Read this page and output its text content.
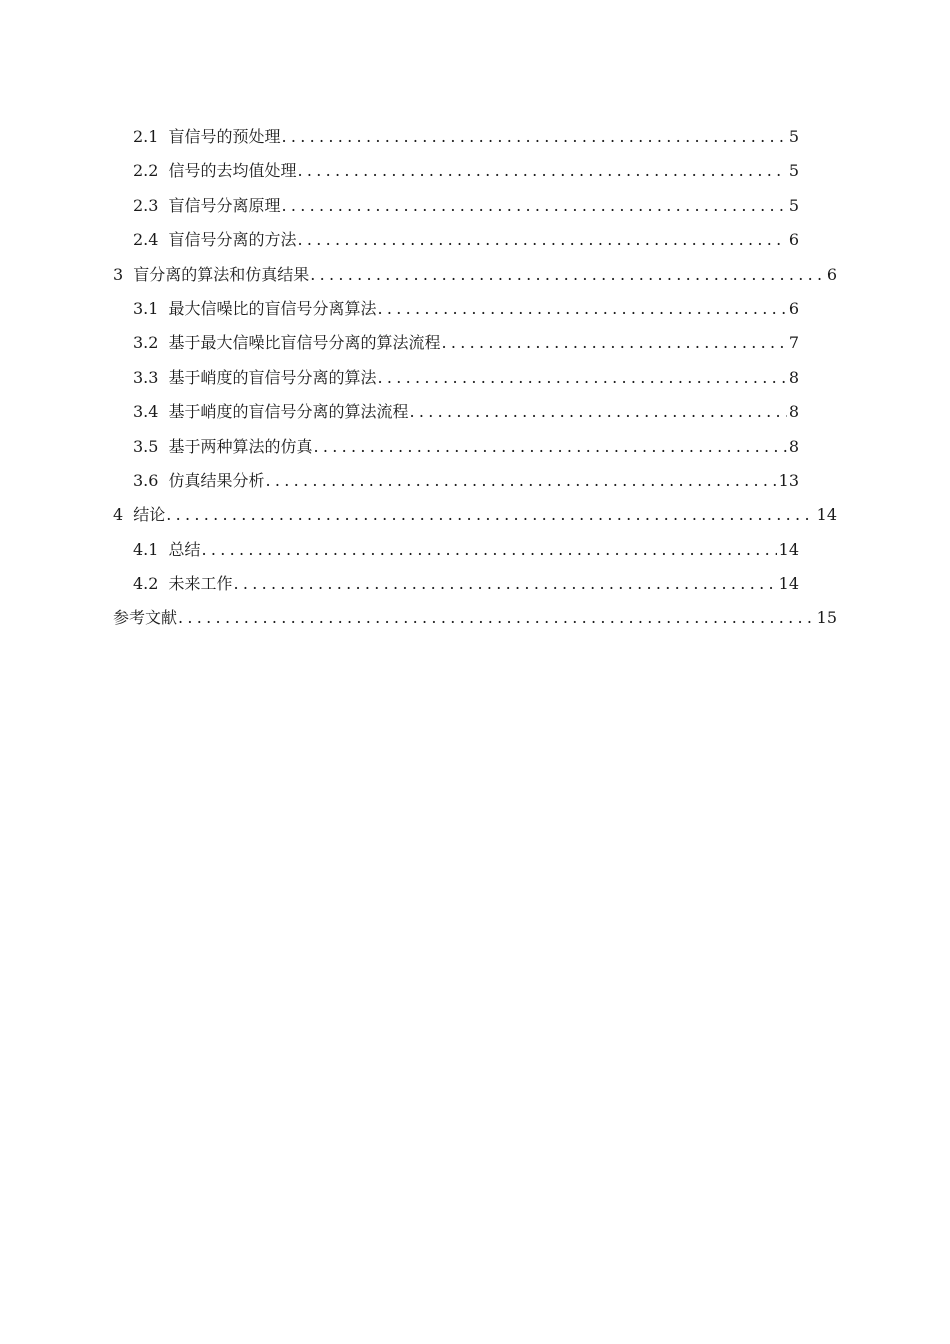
2.1 盲信号的预处理 .....	5
2.2 信号的去均值处理 .....	5
2.3 盲信号分离原理 .....	5
2.4 盲信号分离的方法 .....	6
3 盲分离的算法和仿真结果 .....	6
3.1 最大信噪比的盲信号分离算法 .....	6
3.2 基于最大信噪比盲信号分离的算法流程 .....	7
3.3 基于峭度的盲信号分离的算法 .....	8
3.4 基于峭度的盲信号分离的算法流程 .....	8
3.5 基于两种算法的仿真 .....	8
3.6 仿真结果分析 .....	13
4 结论 .....	14
4.1 总结 .....	14
4.2 未来工作 .....	14
参考文献 .....	15
